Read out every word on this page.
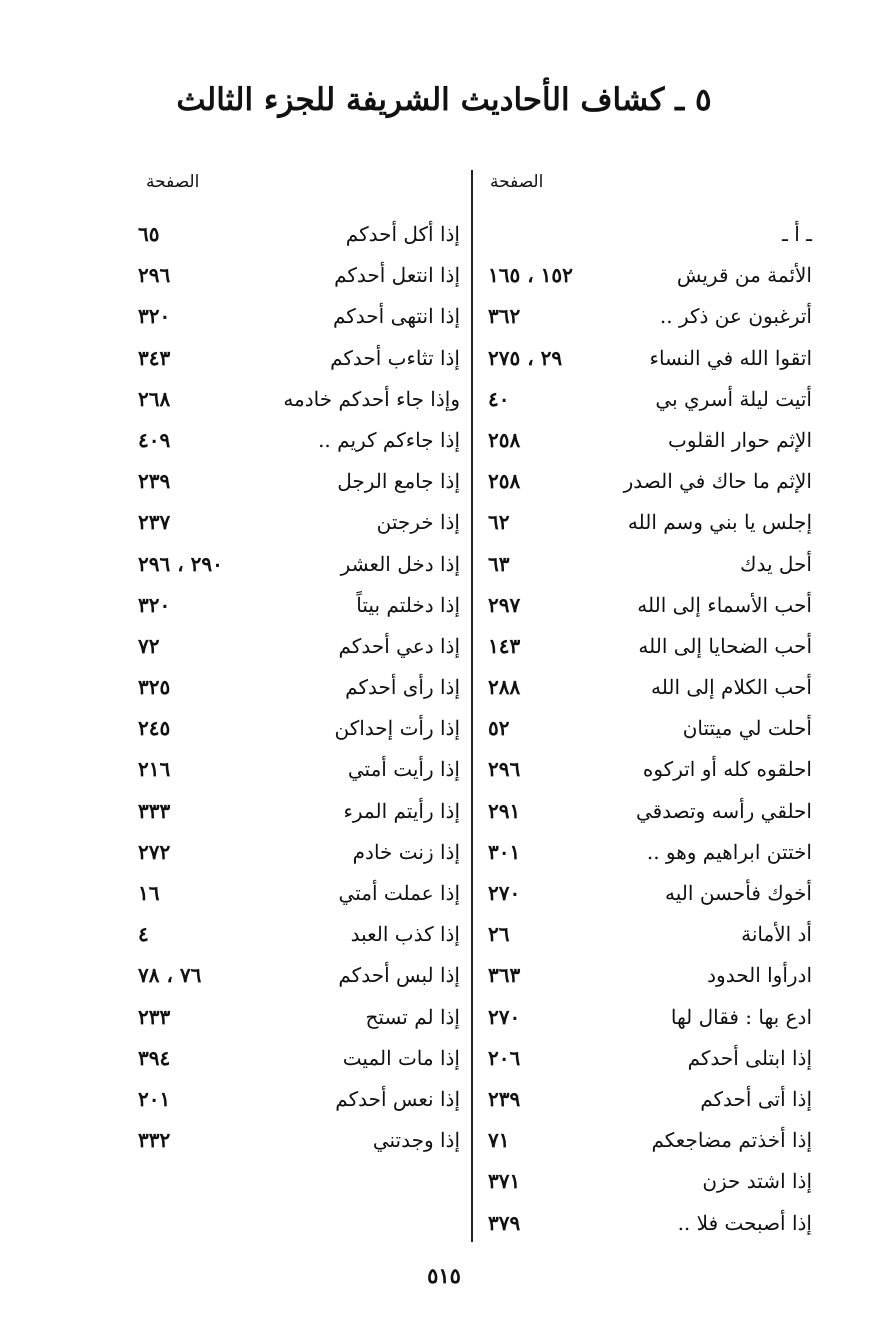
٥ ـ كشاف الأحاديث الشريفة للجزء الثالث
الصفحة
الصفحة
ـ أ ـ
الأئمة من قريش
١٥٢ ، ١٦٥
أترغبون عن ذكر ..
٣٦٢
اتقوا الله في النساء
٢٩ ، ٢٧٥
أتيت ليلة أسري بي
٤٠
الإثم حوار القلوب
٢٥٨
الإثم ما حاك في الصدر
٢٥٨
إجلس يا بني وسم الله
٦٢
أحل يدك
٦٣
أحب الأسماء إلى الله
٢٩٧
أحب الضحايا إلى الله
١٤٣
أحب الكلام إلى الله
٢٨٨
أحلت لي ميتتان
٥٢
احلقوه كله أو اتركوه
٢٩٦
احلقي رأسه وتصدقي
٢٩١
اختتن ابراهيم وهو ..
٣٠١
أخوك فأحسن اليه
٢٧٠
أد الأمانة
٢٦
ادرأوا الحدود
٣٦٣
ادع بها : فقال لها
٢٧٠
إذا ابتلى أحدكم
٢٠٦
إذا أتى أحدكم
٢٣٩
إذا أخذتم مضاجعكم
٧١
إذا اشتد حزن
٣٧١
إذا أصبحت فلا ..
٣٧٩
إذا أكل أحدكم
٦٥
إذا انتعل أحدكم
٢٩٦
إذا انتهى أحدكم
٣٢٠
إذا تثاءب أحدكم
٣٤٣
وإذا جاء أحدكم خادمه
٢٦٨
إذا جاءكم كريم ..
٤٠٩
إذا جامع الرجل
٢٣٩
إذا خرجتن
٢٣٧
إذا دخل العشر
٢٩٠ ، ٢٩٦
إذا دخلتم بيتاً
٣٢٠
إذا دعي أحدكم
٧٢
إذا رأى أحدكم
٣٢٥
إذا رأت إحداكن
٢٤٥
إذا رأيت أمتي
٢١٦
إذا رأيتم المرء
٣٣٣
إذا زنت خادم
٢٧٢
إذا عملت أمتي
١٦
إذا كذب العبد
٤
إذا لبس أحدكم
٧٦ ، ٧٨
إذا لم تستح
٢٣٣
إذا مات الميت
٣٩٤
إذا نعس أحدكم
٢٠١
إذا وجدتني
٣٣٢
٥١٥
